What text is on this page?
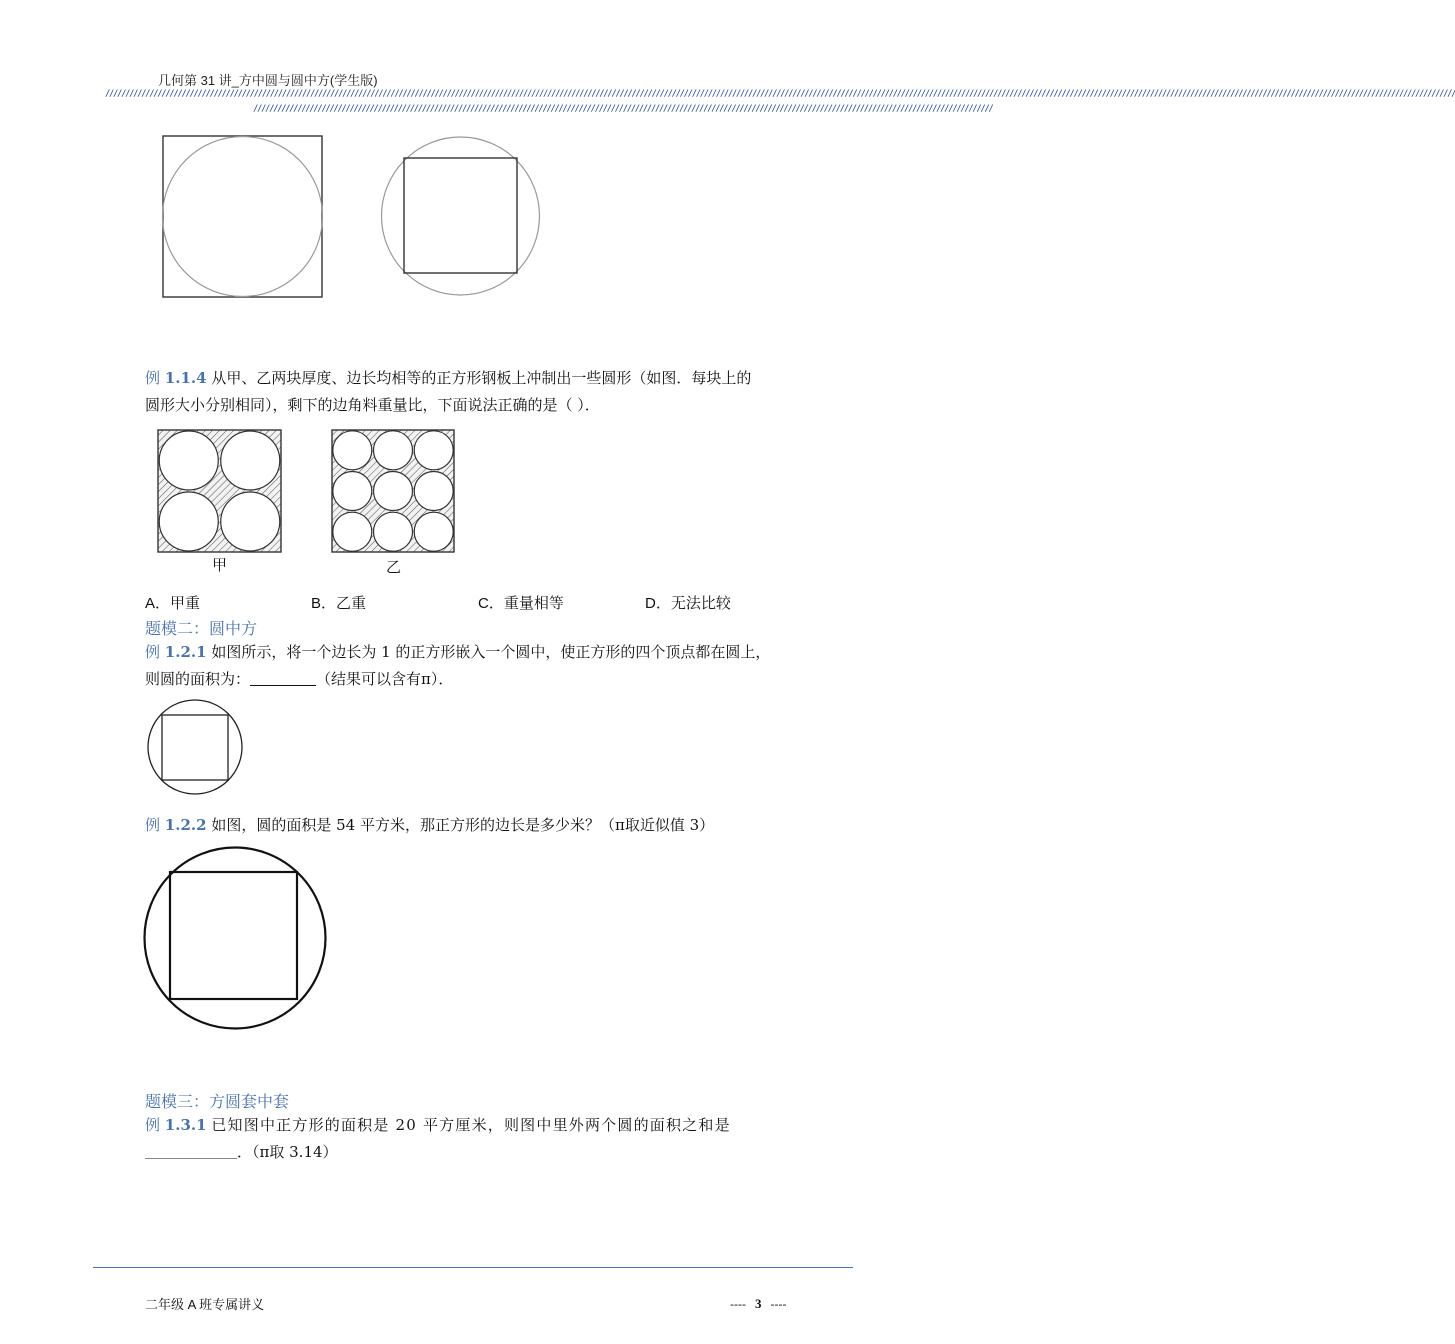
几何第 31 讲_方中圆与圆中方(学生版)
////////////////////////////////////////////////////////////////////////////////////////////////////////////////////////////////////////////////////////////////////////////////////////////////////////////////////////////////////////////////////////////////////////////////////////////////////////////////////////////////////////////////
////////////////////////////////////////////////////////////////////////////////////////////////////////////////////////////////////////////////////////////////////////////////////////
例 1.1.4 从甲、乙两块厚度、边长均相等的正方形钢板上冲制出一些圆形（如图．每块上的
圆形大小分别相同），剩下的边角料重量比，下面说法正确的是（ ）．
甲	乙
A．甲重	B．乙重	C．重量相等	D．无法比较
题模二：圆中方
例 1.2.1 如图所示，将一个边长为 1 的正方形嵌入一个圆中，使正方形的四个顶点都在圆上，
则圆的面积为：	（结果可以含有π）．
例 1.2.2 如图，圆的面积是 54 平方米，那正方形的边长是多少米？（π取近似值 3）
题模三：方圆套中套
例 1.3.1 已知图中正方形的面积是 20 平方厘米，则图中里外两个圆的面积之和是
．（π取 3.14）
二年级 A 班专属讲义	---- 3 ----
